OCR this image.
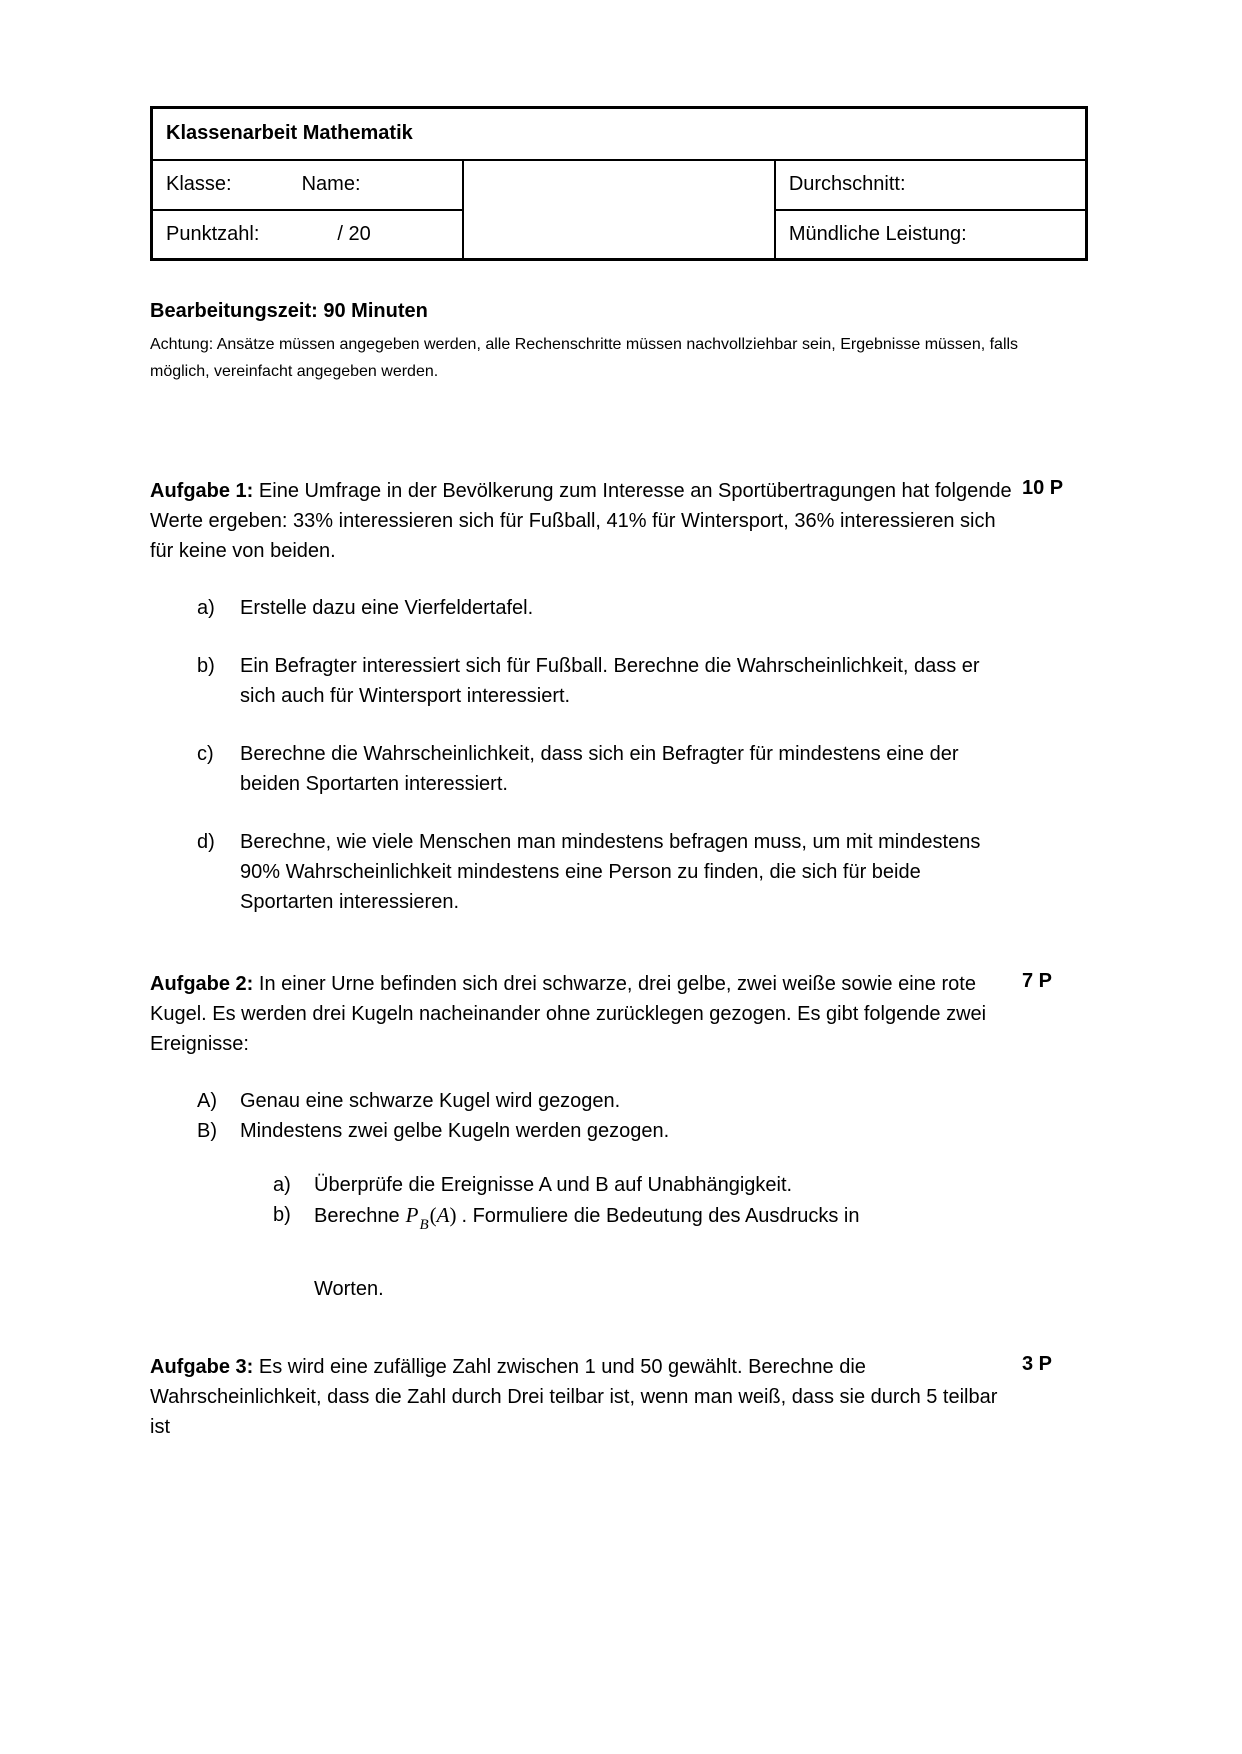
Klassenarbeit Mathematik		
Klasse: Name:		Durchschnitt:
Punktzahl: / 20		Mündliche Leistung:
Bearbeitungszeit: 90 Minuten
Achtung: Ansätze müssen angegeben werden, alle Rechenschritte müssen nachvollziehbar sein, Ergebnisse müssen, falls möglich, vereinfacht angegeben werden.
10 P
Aufgabe 1: Eine Umfrage in der Bevölkerung zum Interesse an Sportübertragungen hat folgende Werte ergeben: 33% interessieren sich für Fußball, 41% für Wintersport, 36% interessieren sich für keine von beiden.
a)	Erstelle dazu eine Vierfeldertafel.
b)	Ein Befragter interessiert sich für Fußball. Berechne die Wahrscheinlichkeit, dass er sich auch für Wintersport interessiert.
c)	Berechne die Wahrscheinlichkeit, dass sich ein Befragter für mindestens eine der beiden Sportarten interessiert.
d)	Berechne, wie viele Menschen man mindestens befragen muss, um mit mindestens 90% Wahrscheinlichkeit mindestens eine Person zu finden, die sich für beide Sportarten interessieren.
7 P
Aufgabe 2: In einer Urne befinden sich drei schwarze, drei gelbe, zwei weiße sowie eine rote Kugel. Es werden drei Kugeln nacheinander ohne zurücklegen gezogen. Es gibt folgende zwei Ereignisse:
A)	Genau eine schwarze Kugel wird gezogen.
B)	Mindestens zwei gelbe Kugeln werden gezogen.
a)	Überprüfe die Ereignisse A und B auf Unabhängigkeit.
b)	Berechne $P_B(A)$ . Formuliere die Bedeutung des Ausdrucks in
Worten.
3 P
Aufgabe 3: Es wird eine zufällige Zahl zwischen 1 und 50 gewählt. Berechne die Wahrscheinlichkeit, dass die Zahl durch Drei teilbar ist, wenn man weiß, dass sie durch 5 teilbar ist
